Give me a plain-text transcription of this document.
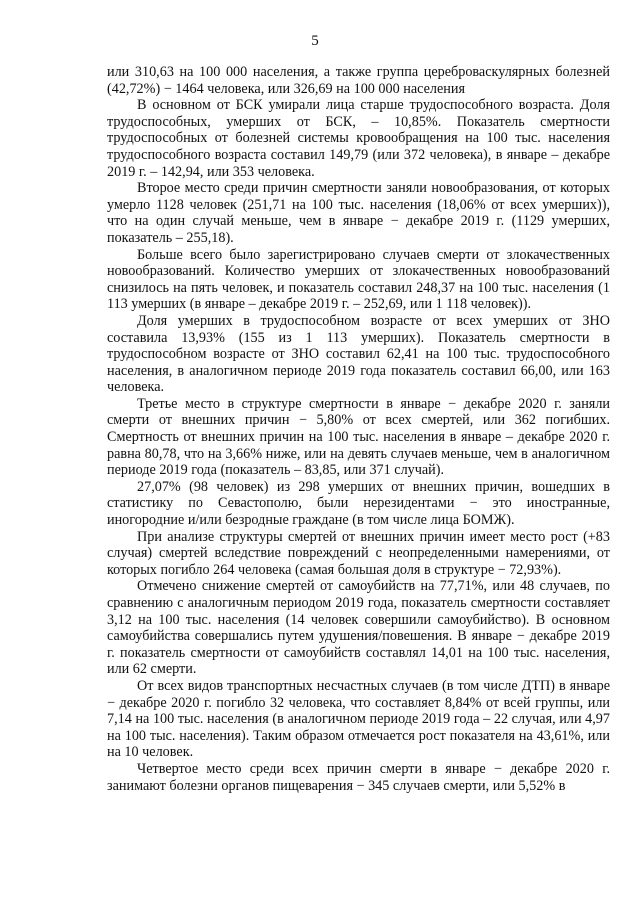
5

или 310,63 на 100 000 населения, а также группа цереброваскулярных болезней (42,72%) − 1464 человека, или 326,69 на 100 000 населения

В основном от БСК умирали лица старше трудоспособного возраста. Доля трудоспособных, умерших от БСК, – 10,85%. Показатель смертности трудоспособных от болезней системы кровообращения на 100 тыс. населения трудоспособного возраста составил 149,79 (или 372 человека), в январе – декабре 2019 г. – 142,94, или 353 человека.

Второе место среди причин смертности заняли новообразования, от которых умерло 1128 человек (251,71 на 100 тыс. населения (18,06% от всех умерших)), что на один случай меньше, чем в январе − декабре 2019 г. (1129 умерших, показатель – 255,18).

Больше всего было зарегистрировано случаев смерти от злокачественных новообразований. Количество умерших от злокачественных новообразований снизилось на пять человек, и показатель составил 248,37 на 100 тыс. населения (1 113 умерших (в январе – декабре 2019 г. – 252,69, или 1 118 человек)).

Доля умерших в трудоспособном возрасте от всех умерших от ЗНО составила 13,93% (155 из 1 113 умерших). Показатель смертности в трудоспособном возрасте от ЗНО составил 62,41 на 100 тыс. трудоспособного населения, в аналогичном периоде 2019 года показатель составил 66,00, или 163 человека.

Третье место в структуре смертности в январе − декабре 2020 г. заняли смерти от внешних причин − 5,80% от всех смертей, или 362 погибших. Смертность от внешних причин на 100 тыс. населения в январе – декабре 2020 г. равна 80,78, что на 3,66% ниже, или на девять случаев меньше, чем в аналогичном периоде 2019 года (показатель – 83,85, или 371 случай).

27,07% (98 человек) из 298 умерших от внешних причин, вошедших в статистику по Севастополю, были нерезидентами − это иностранные, иногородние и/или безродные граждане (в том числе лица БОМЖ).

При анализе структуры смертей от внешних причин имеет место рост (+83 случая) смертей вследствие повреждений с неопределенными намерениями, от которых погибло 264 человека (самая большая доля в структуре − 72,93%).

Отмечено снижение смертей от самоубийств на 77,71%, или 48 случаев, по сравнению с аналогичным периодом 2019 года, показатель смертности составляет 3,12 на 100 тыс. населения (14 человек совершили самоубийство). В основном самоубийства совершались путем удушения/повешения. В январе − декабре 2019 г. показатель смертности от самоубийств составлял 14,01 на 100 тыс. населения, или 62 смерти.

От всех видов транспортных несчастных случаев (в том числе ДТП) в январе − декабре 2020 г. погибло 32 человека, что составляет 8,84% от всей группы, или 7,14 на 100 тыс. населения (в аналогичном периоде 2019 года – 22 случая, или 4,97 на 100 тыс. населения). Таким образом отмечается рост показателя на 43,61%, или на 10 человек.

Четвертое место среди всех причин смерти в январе − декабре 2020 г. занимают болезни органов пищеварения − 345 случаев смерти, или 5,52% в
